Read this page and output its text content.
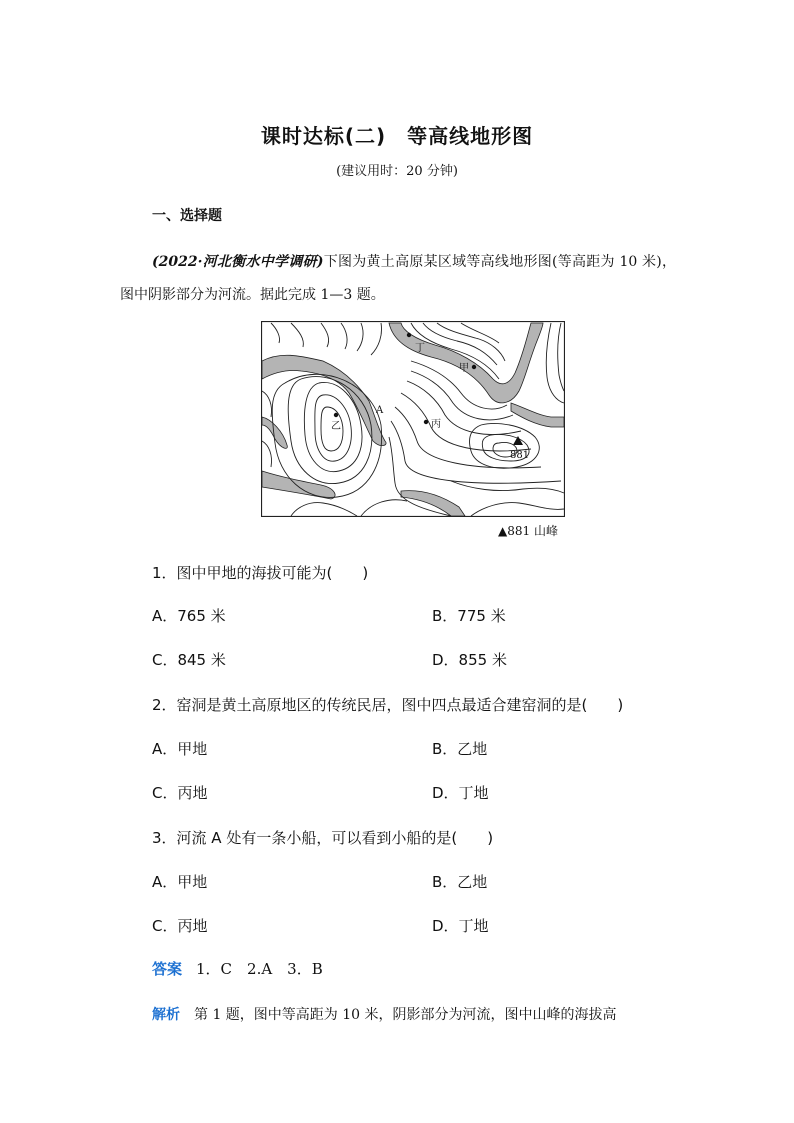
课时达标(二)　等高线地形图
(建议用时：20 分钟)
一、选择题
(2022·河北衡水中学调研)下图为黄土高原某区域等高线地形图(等高距为 10 米)，图中阴影部分为河流。据此完成 1—3 题。
乙
甲
丁
丙
A
881
▲881 山峰
1．图中甲地的海拔可能为(　　)
A．765 米	B．775 米
C．845 米	D．855 米
2．窑洞是黄土高原地区的传统民居，图中四点最适合建窑洞的是(　　)
A．甲地	B．乙地
C．丙地	D．丁地
3．河流 A 处有一条小船，可以看到小船的是(　　)
A．甲地	B．乙地
C．丙地	D．丁地
答案 1．C　2.A　3．B
解析 第 1 题，图中等高距为 10 米，阴影部分为河流，图中山峰的海拔高
